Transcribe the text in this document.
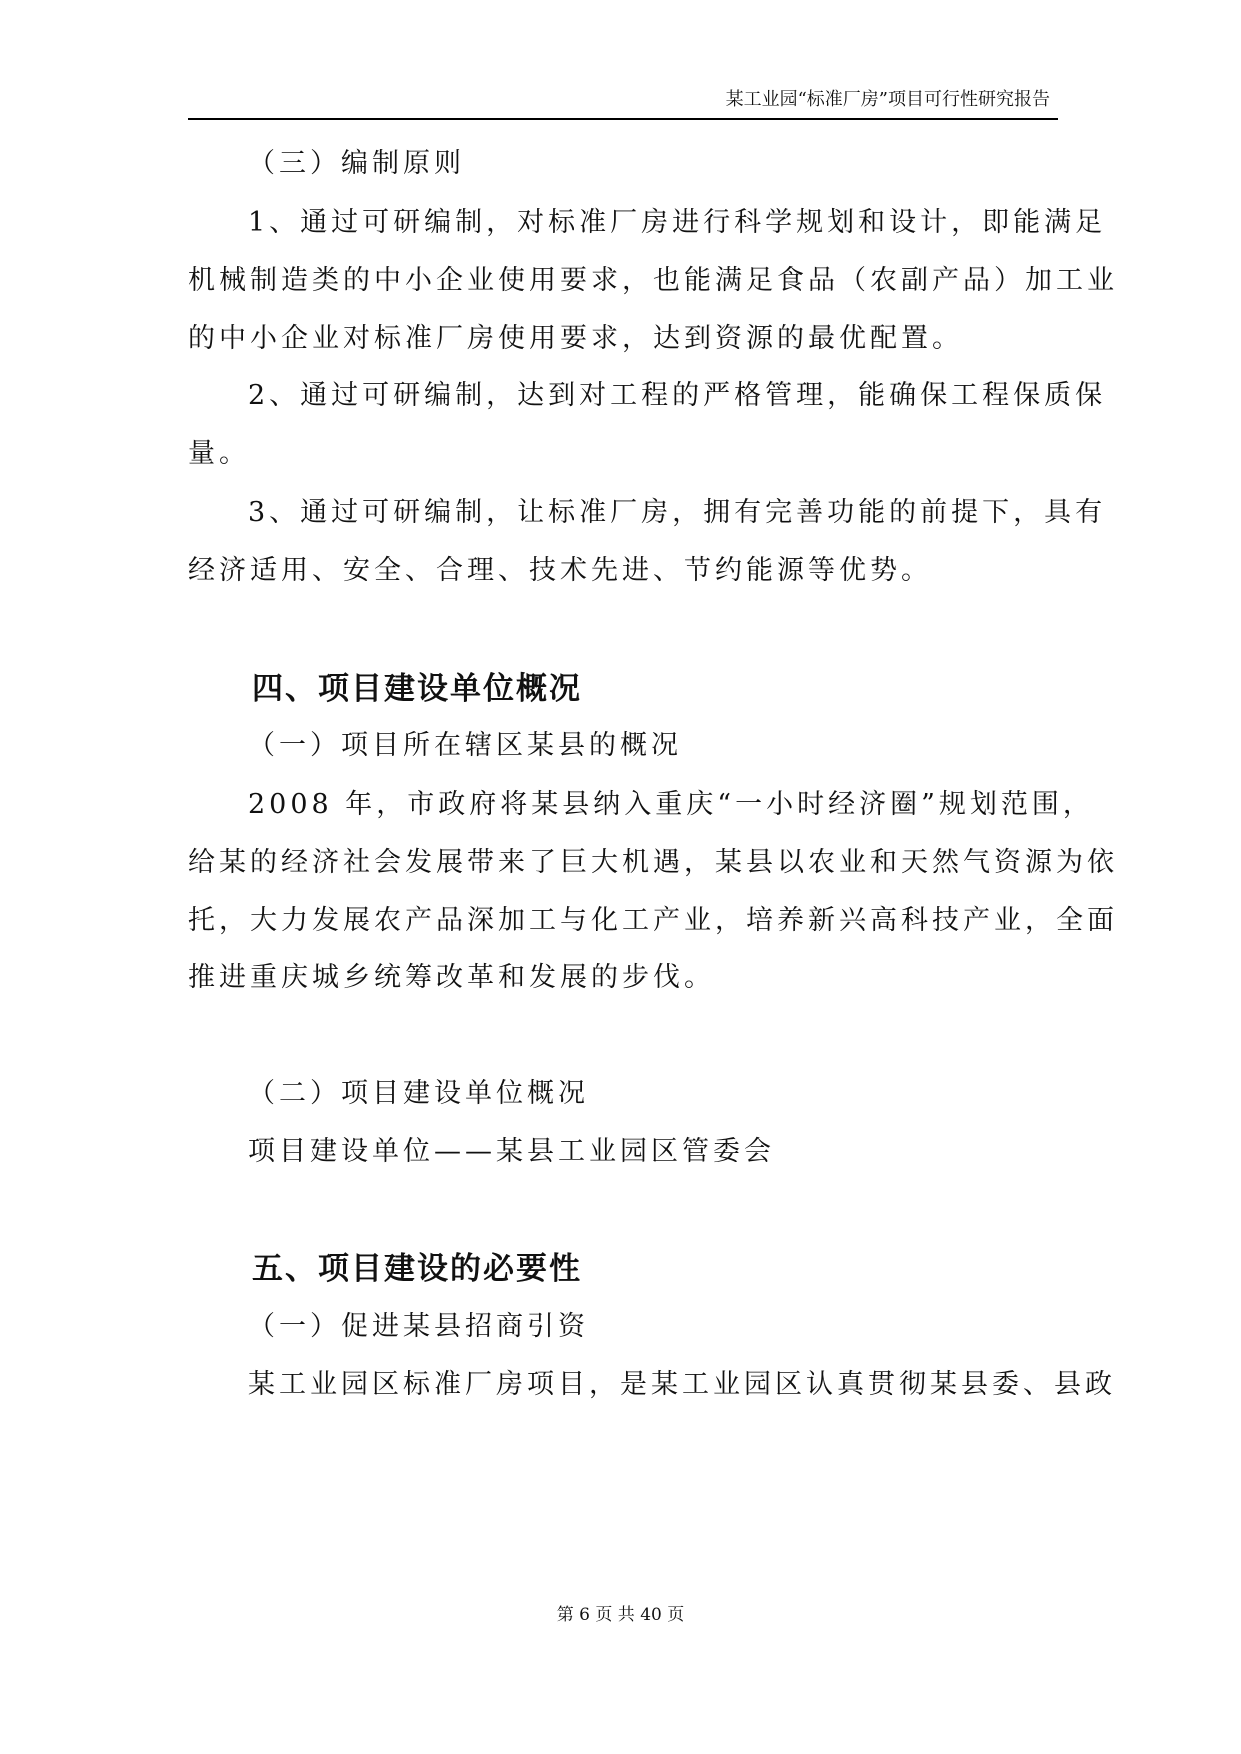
某工业园“标准厂房”项目可行性研究报告

（三）编制原则

1、通过可研编制，对标准厂房进行科学规划和设计，即能满足

机械制造类的中小企业使用要求，也能满足食品（农副产品）加工业

的中小企业对标准厂房使用要求，达到资源的最优配置。

2、通过可研编制，达到对工程的严格管理，能确保工程保质保

量。

3、通过可研编制，让标准厂房，拥有完善功能的前提下，具有

经济适用、安全、合理、技术先进、节约能源等优势。

四、项目建设单位概况

（一）项目所在辖区某县的概况

2008 年，市政府将某县纳入重庆“一小时经济圈”规划范围，

给某的经济社会发展带来了巨大机遇，某县以农业和天然气资源为依

托，大力发展农产品深加工与化工产业，培养新兴高科技产业，全面

推进重庆城乡统筹改革和发展的步伐。

（二）项目建设单位概况

项目建设单位——某县工业园区管委会

五、项目建设的必要性

（一）促进某县招商引资

某工业园区标准厂房项目，是某工业园区认真贯彻某县委、县政

第 6 页 共 40 页
